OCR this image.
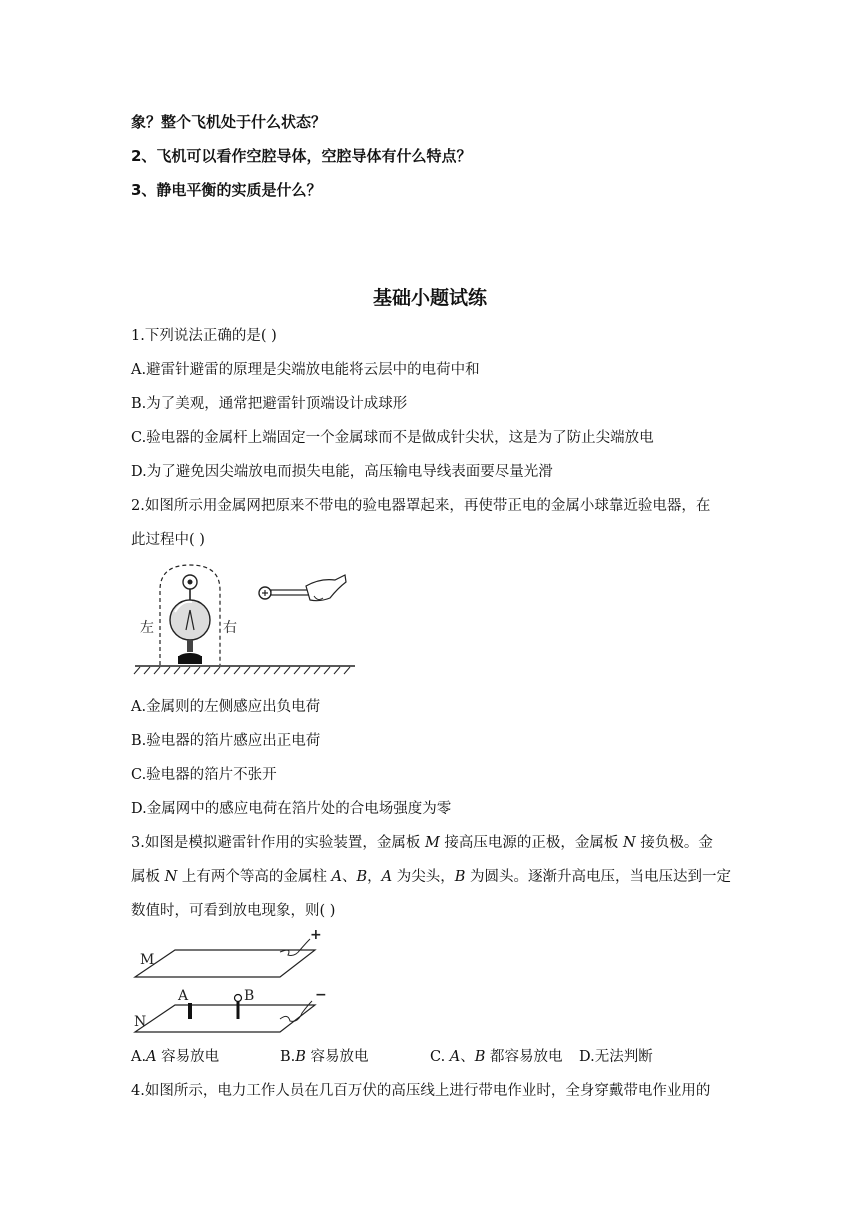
象？整个飞机处于什么状态？
2、飞机可以看作空腔导体，空腔导体有什么特点？
3、静电平衡的实质是什么？
基础小题试练
1.下列说法正确的是( )
A.避雷针避雷的原理是尖端放电能将云层中的电荷中和
B.为了美观，通常把避雷针顶端设计成球形
C.验电器的金属杆上端固定一个金属球而不是做成针尖状，这是为了防止尖端放电
D.为了避免因尖端放电而损失电能，高压输电导线表面要尽量光滑
2.如图所示用金属网把原来不带电的验电器罩起来，再使带正电的金属小球靠近验电器，在
此过程中( )
左	右
A.金属则的左侧感应出负电荷
B.验电器的箔片感应出正电荷
C.验电器的箔片不张开
D.金属网中的感应电荷在箔片处的合电场强度为零
3.如图是模拟避雷针作用的实验装置，金属板 M 接高压电源的正极，金属板 N 接负极。金
属板 N 上有两个等高的金属柱 A、B，A 为尖头，B 为圆头。逐渐升高电压，当电压达到一定
数值时，可看到放电现象，则( )
M
N
A	B
+
−
A.A 容易放电	B.B 容易放电	C. A、B 都容易放电 D.无法判断
4.如图所示，电力工作人员在几百万伏的高压线上进行带电作业时，全身穿戴带电作业用的
